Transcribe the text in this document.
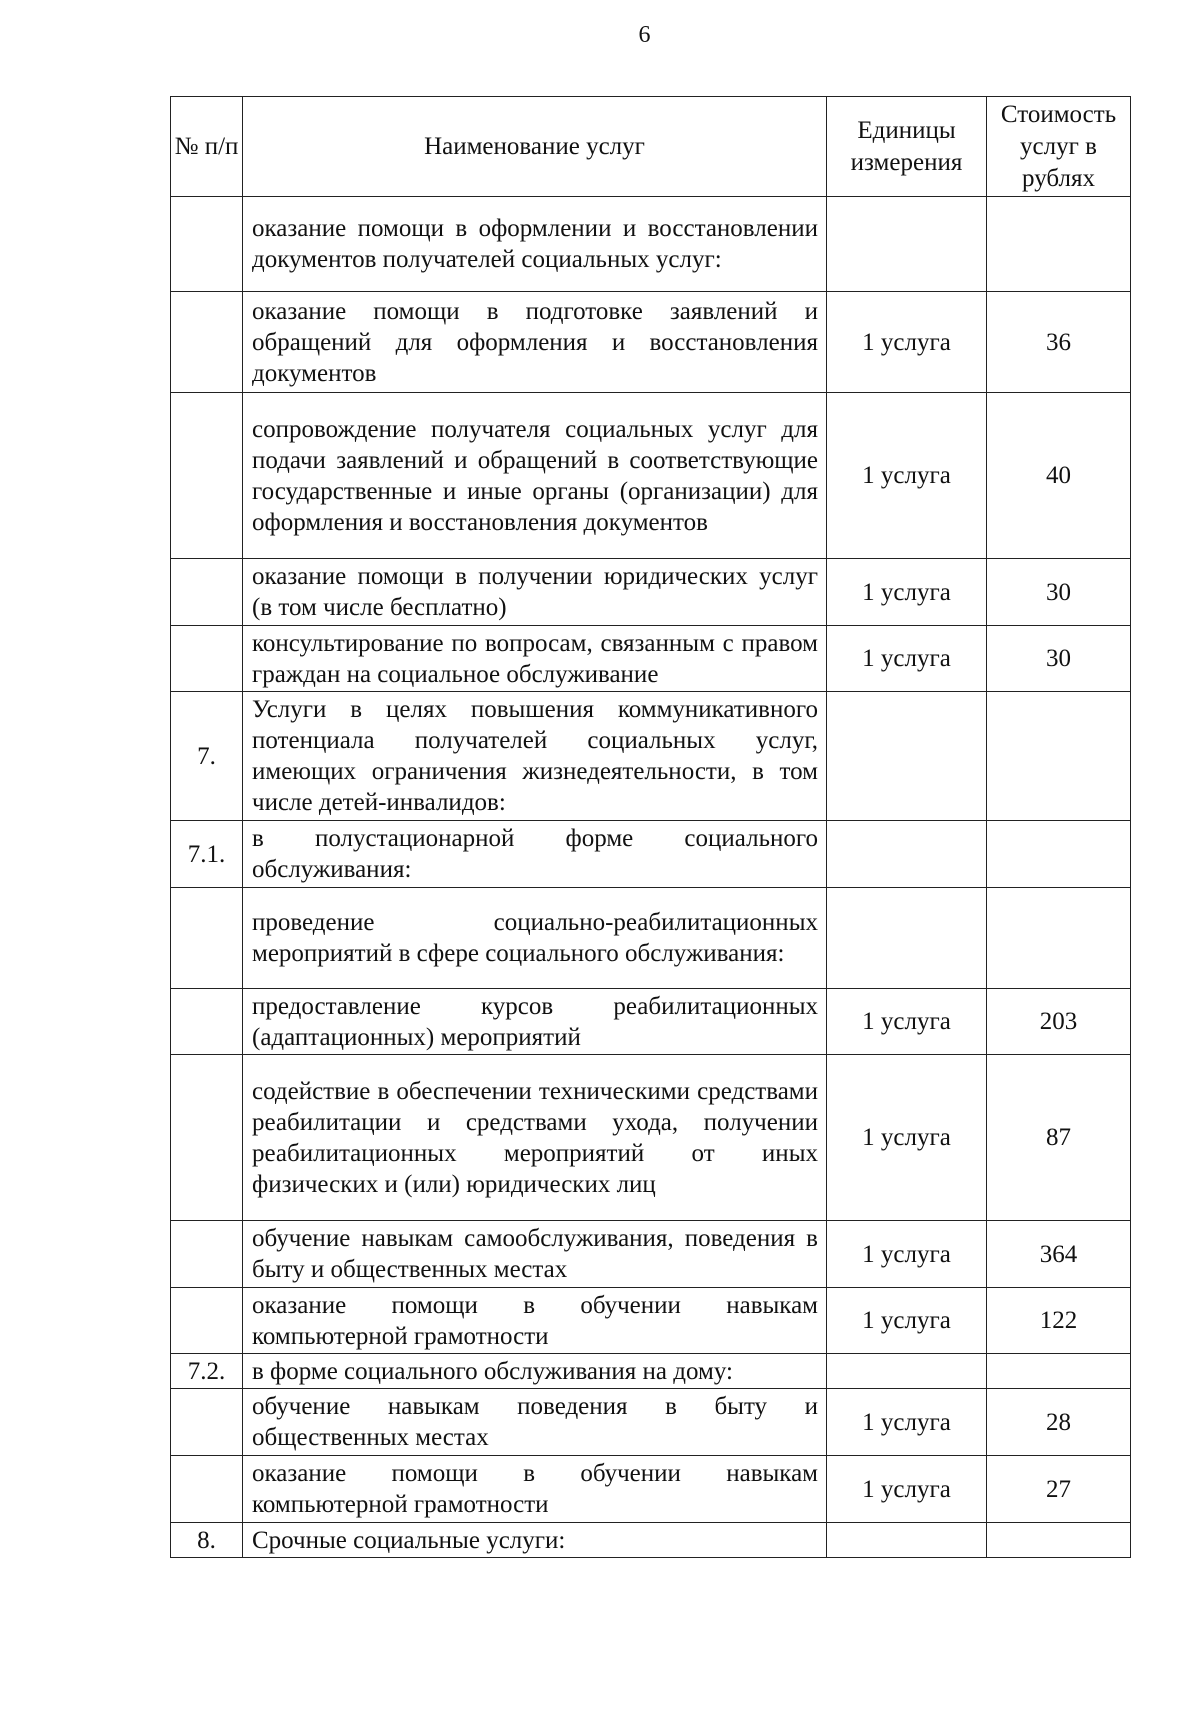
6
№ п/п	Наименование услуг	Единицы измерения	Стоимость услуг в рублях
	оказание помощи в оформлении и восстановлении документов получателей социальных услуг:		
	оказание помощи в подготовке заявлений и обращений для оформления и восстановления документов	1 услуга	36
	сопровождение получателя социальных услуг для подачи заявлений и обращений в соответствующие государственные и иные органы (организации) для оформления и восстановления документов	1 услуга	40
	оказание помощи в получении юридических услуг (в том числе бесплатно)	1 услуга	30
	консультирование по вопросам, связанным с правом граждан на социальное обслуживание	1 услуга	30
7.	Услуги в целях повышения коммуникативного потенциала получателей социальных услуг, имеющих ограничения жизнедеятельности, в том числе детей-инвалидов:		
7.1.	в полустационарной форме социального обслуживания:		
	проведение социально-реабилитационных мероприятий в сфере социального обслуживания:		
	предоставление курсов реабилитационных (адаптационных) мероприятий	1 услуга	203
	содействие в обеспечении техническими средствами реабилитации и средствами ухода, получении реабилитационных мероприятий от иных физических и (или) юридических лиц	1 услуга	87
	обучение навыкам самообслуживания, поведения в быту и общественных местах	1 услуга	364
	оказание помощи в обучении навыкам компьютерной грамотности	1 услуга	122
7.2.	в форме социального обслуживания на дому:		
	обучение навыкам поведения в быту и общественных местах	1 услуга	28
	оказание помощи в обучении навыкам компьютерной грамотности	1 услуга	27
8.	Срочные социальные услуги:		
